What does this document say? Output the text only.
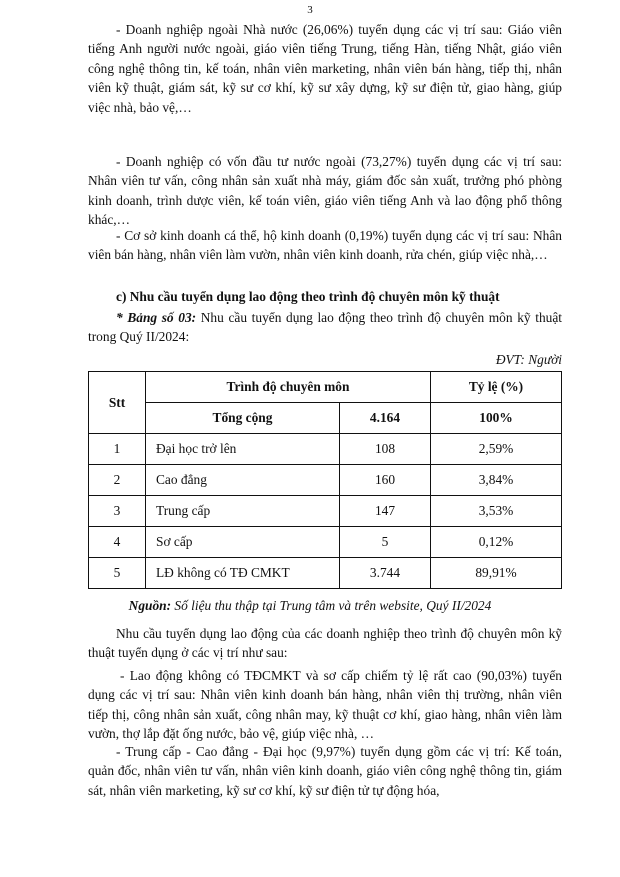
3

- Doanh nghiệp ngoài Nhà nước (26,06%) tuyển dụng các vị trí sau: Giáo viên tiếng Anh người nước ngoài, giáo viên tiếng Trung, tiếng Hàn, tiếng Nhật, giáo viên công nghệ thông tin, kế toán, nhân viên marketing, nhân viên bán hàng, tiếp thị, nhân viên kỹ thuật, giám sát, kỹ sư cơ khí, kỹ sư xây dựng, kỹ sư điện tử, giao hàng, giúp việc nhà, bảo vệ,…

- Doanh nghiệp có vốn đầu tư nước ngoài (73,27%) tuyển dụng các vị trí sau: Nhân viên tư vấn, công nhân sản xuất nhà máy, giám đốc sản xuất, trưởng phó phòng kinh doanh, trình dược viên, kế toán viên, giáo viên tiếng Anh và lao động phổ thông khác,…

- Cơ sở kinh doanh cá thể, hộ kinh doanh (0,19%) tuyển dụng các vị trí sau: Nhân viên bán hàng, nhân viên làm vườn, nhân viên kinh doanh, rửa chén, giúp việc nhà,…

c) Nhu cầu tuyển dụng lao động theo trình độ chuyên môn kỹ thuật

* Bảng số 03: Nhu cầu tuyển dụng lao động theo trình độ chuyên môn kỹ thuật trong Quý II/2024:

ĐVT: Người
Stt	Trình độ chuyên môn		Tỷ lệ (%)
	Tổng cộng	4.164	100%
1	Đại học trở lên	108	2,59%
2	Cao đẳng	160	3,84%
3	Trung cấp	147	3,53%
4	Sơ cấp	5	0,12%
5	LĐ không có TĐ CMKT	3.744	89,91%
Nguồn: Số liệu thu thập tại Trung tâm và trên website, Quý II/2024

Nhu cầu tuyển dụng lao động của các doanh nghiệp theo trình độ chuyên môn kỹ thuật tuyển dụng ở các vị trí như sau:

- Lao động không có TĐCMKT và sơ cấp chiếm tỷ lệ rất cao (90,03%) tuyển dụng các vị trí sau: Nhân viên kinh doanh bán hàng, nhân viên thị trường, nhân viên tiếp thị, công nhân sản xuất, công nhân may, kỹ thuật cơ khí, giao hàng, nhân viên làm vườn, thợ lắp đặt ống nước, bảo vệ, giúp việc nhà, …

- Trung cấp - Cao đẳng - Đại học (9,97%) tuyển dụng gồm các vị trí: Kế toán, quản đốc, nhân viên tư vấn, nhân viên kinh doanh, giáo viên công nghệ thông tin, giám sát, nhân viên marketing, kỹ sư cơ khí, kỹ sư điện tử tự động hóa,
